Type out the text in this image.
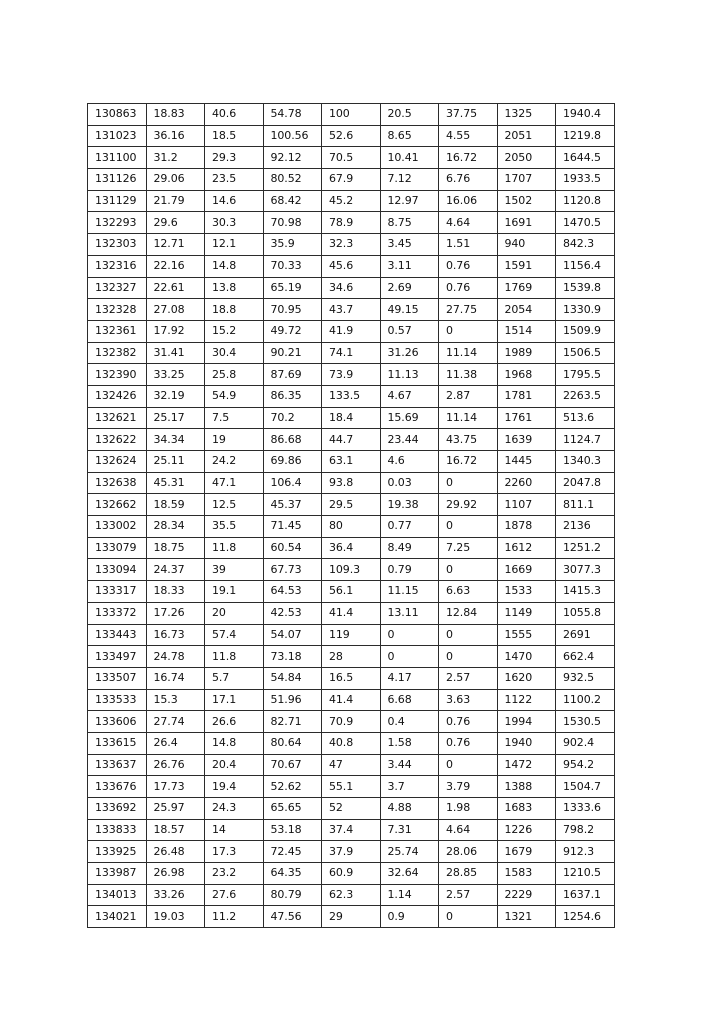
130863	18.83	40.6	54.78	100	20.5	37.75	1325	1940.4
131023	36.16	18.5	100.56	52.6	8.65	4.55	2051	1219.8
131100	31.2	29.3	92.12	70.5	10.41	16.72	2050	1644.5
131126	29.06	23.5	80.52	67.9	7.12	6.76	1707	1933.5
131129	21.79	14.6	68.42	45.2	12.97	16.06	1502	1120.8
132293	29.6	30.3	70.98	78.9	8.75	4.64	1691	1470.5
132303	12.71	12.1	35.9	32.3	3.45	1.51	940	842.3
132316	22.16	14.8	70.33	45.6	3.11	0.76	1591	1156.4
132327	22.61	13.8	65.19	34.6	2.69	0.76	1769	1539.8
132328	27.08	18.8	70.95	43.7	49.15	27.75	2054	1330.9
132361	17.92	15.2	49.72	41.9	0.57	0	1514	1509.9
132382	31.41	30.4	90.21	74.1	31.26	11.14	1989	1506.5
132390	33.25	25.8	87.69	73.9	11.13	11.38	1968	1795.5
132426	32.19	54.9	86.35	133.5	4.67	2.87	1781	2263.5
132621	25.17	7.5	70.2	18.4	15.69	11.14	1761	513.6
132622	34.34	19	86.68	44.7	23.44	43.75	1639	1124.7
132624	25.11	24.2	69.86	63.1	4.6	16.72	1445	1340.3
132638	45.31	47.1	106.4	93.8	0.03	0	2260	2047.8
132662	18.59	12.5	45.37	29.5	19.38	29.92	1107	811.1
133002	28.34	35.5	71.45	80	0.77	0	1878	2136
133079	18.75	11.8	60.54	36.4	8.49	7.25	1612	1251.2
133094	24.37	39	67.73	109.3	0.79	0	1669	3077.3
133317	18.33	19.1	64.53	56.1	11.15	6.63	1533	1415.3
133372	17.26	20	42.53	41.4	13.11	12.84	1149	1055.8
133443	16.73	57.4	54.07	119	0	0	1555	2691
133497	24.78	11.8	73.18	28	0	0	1470	662.4
133507	16.74	5.7	54.84	16.5	4.17	2.57	1620	932.5
133533	15.3	17.1	51.96	41.4	6.68	3.63	1122	1100.2
133606	27.74	26.6	82.71	70.9	0.4	0.76	1994	1530.5
133615	26.4	14.8	80.64	40.8	1.58	0.76	1940	902.4
133637	26.76	20.4	70.67	47	3.44	0	1472	954.2
133676	17.73	19.4	52.62	55.1	3.7	3.79	1388	1504.7
133692	25.97	24.3	65.65	52	4.88	1.98	1683	1333.6
133833	18.57	14	53.18	37.4	7.31	4.64	1226	798.2
133925	26.48	17.3	72.45	37.9	25.74	28.06	1679	912.3
133987	26.98	23.2	64.35	60.9	32.64	28.85	1583	1210.5
134013	33.26	27.6	80.79	62.3	1.14	2.57	2229	1637.1
134021	19.03	11.2	47.56	29	0.9	0	1321	1254.6
